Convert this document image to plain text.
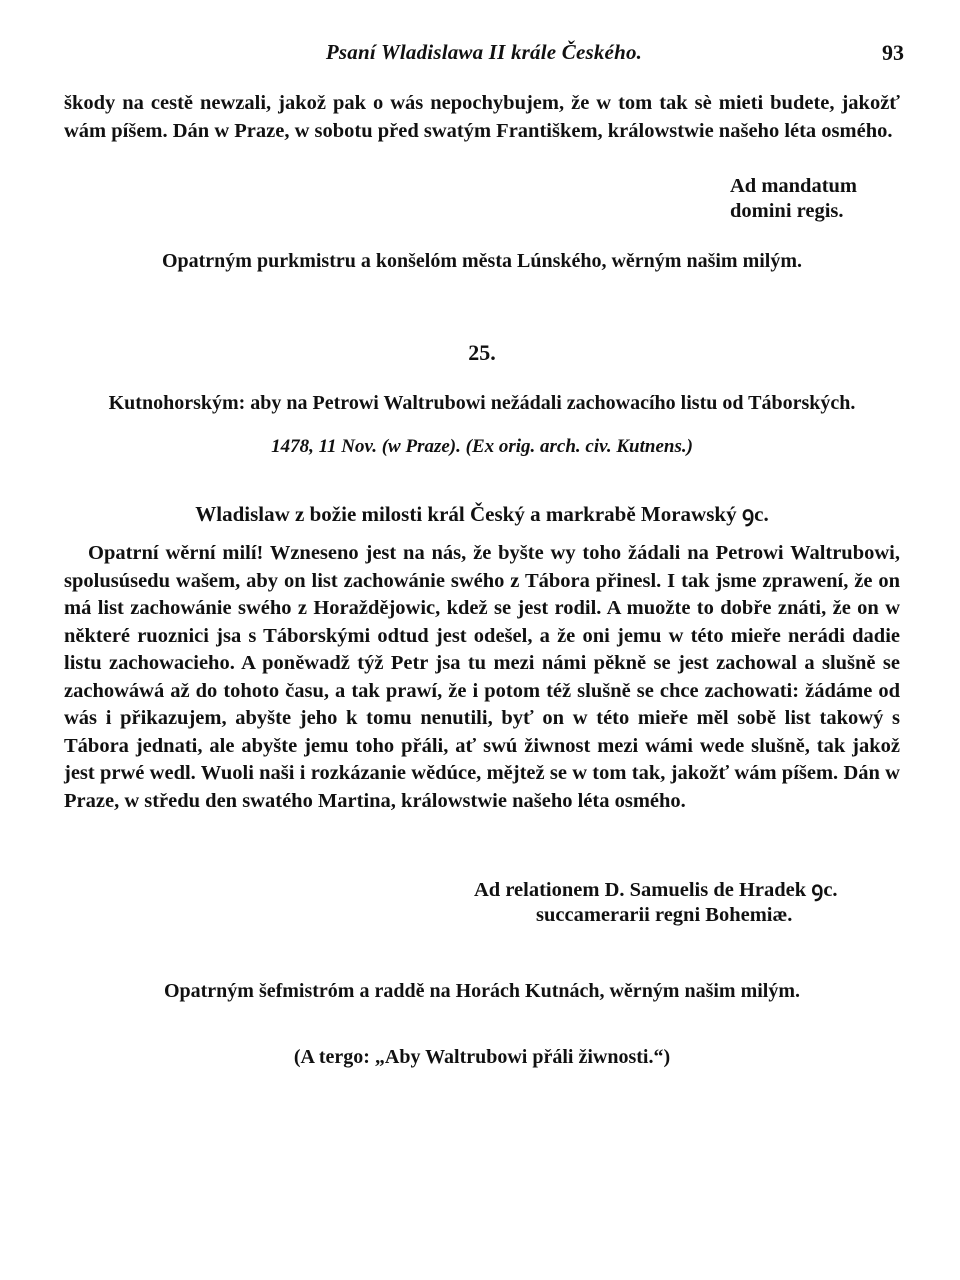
Psaní Wladislawa II krále Českého.	93

škody na cestě newzali, jakož pak o wás nepochybujem, že w tom tak sè mieti budete, jakožť wám píšem. Dán w Praze, w sobotu před swatým Františkem, králowstwie našeho léta osmého.

Ad mandatum
domini regis.
Opatrným purkmistru a konšelóm města Lúnského, wěrným našim milým.
25.
Kutnohorským: aby na Petrowi Waltrubowi nežádali zachowacího listu od Táborských.
1478, 11 Nov. (w Praze). (Ex orig. arch. civ. Kutnens.)
Wladislaw z božie milosti král Český a markrabě Morawský ꝯc.

Opatrní wěrní milí! Wzneseno jest na nás, že byšte wy toho žádali na Petrowi Waltrubowi, spolusúsedu wašem, aby on list zachowánie swého z Tábora přinesl. I tak jsme zprawení, že on má list zachowánie swého z Horaždějowic, kdež se jest rodil. A muožte to dobře znáti, že on w některé ruoznici jsa s Táborskými odtud jest odešel, a že oni jemu w této mieře nerádi dadie listu zachowacieho. A poněwadž týž Petr jsa tu mezi námi pěkně se jest zachowal a slušně se zachowáwá až do tohoto času, a tak prawí, že i potom též slušně se chce zachowati: žádáme od wás i přikazujem, abyšte jeho k tomu nenutili, byť on w této mieře měl sobě list takowý s Tábora jednati, ale abyšte jemu toho přáli, ať swú žiwnost mezi wámi wede slušně, tak jakož jest prwé wedl. Wuoli naši i rozkázanie wědúce, mějtež se w tom tak, jakožť wám píšem. Dán w Praze, w středu den swatého Martina, králowstwie našeho léta osmého.

Ad relationem D. Samuelis de Hradek ꝯc.
succamerarii regni Bohemiæ.
Opatrným šefmistróm a raddě na Horách Kutnách, wěrným našim milým.
(A tergo: „Aby Waltrubowi přáli žiwnosti.“)
